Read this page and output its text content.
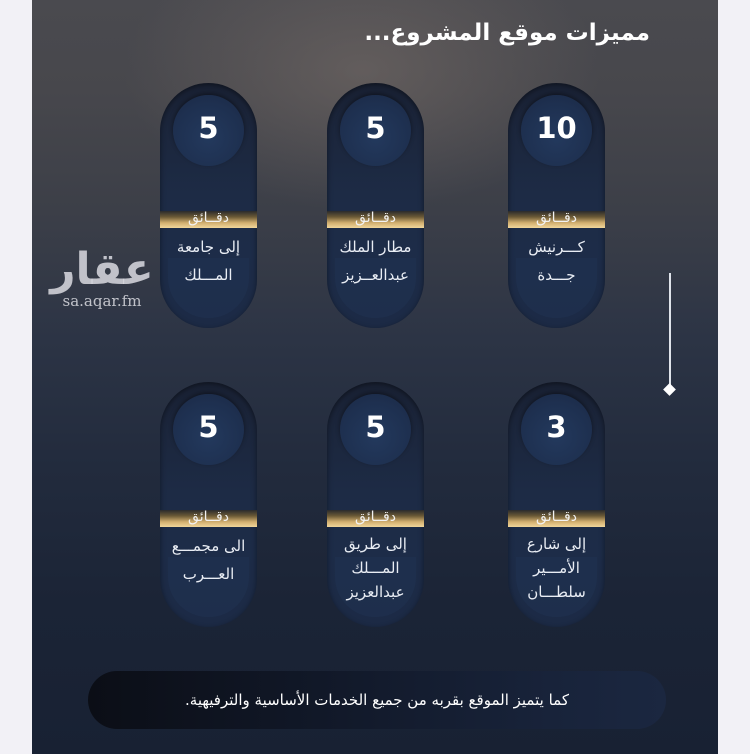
مميزات موقع المشروع...
عقار
sa.aqar.fm
10
دقــائق
كـــرنيش
جـــدة
5
دقــائق
مطار الملك
عبدالعــزيز
5
دقــائق
إلى جامعة
المـــلك
3
دقــائق
إلى شارع
الأمـــير
سلطـــان
5
دقــائق
إلى طريق
المـــلك
عبدالعزيز
5
دقــائق
الى مجمـــع
العـــرب
كما يتميز الموقع بقربه من جميع الخدمات الأساسية والترفيهية.
